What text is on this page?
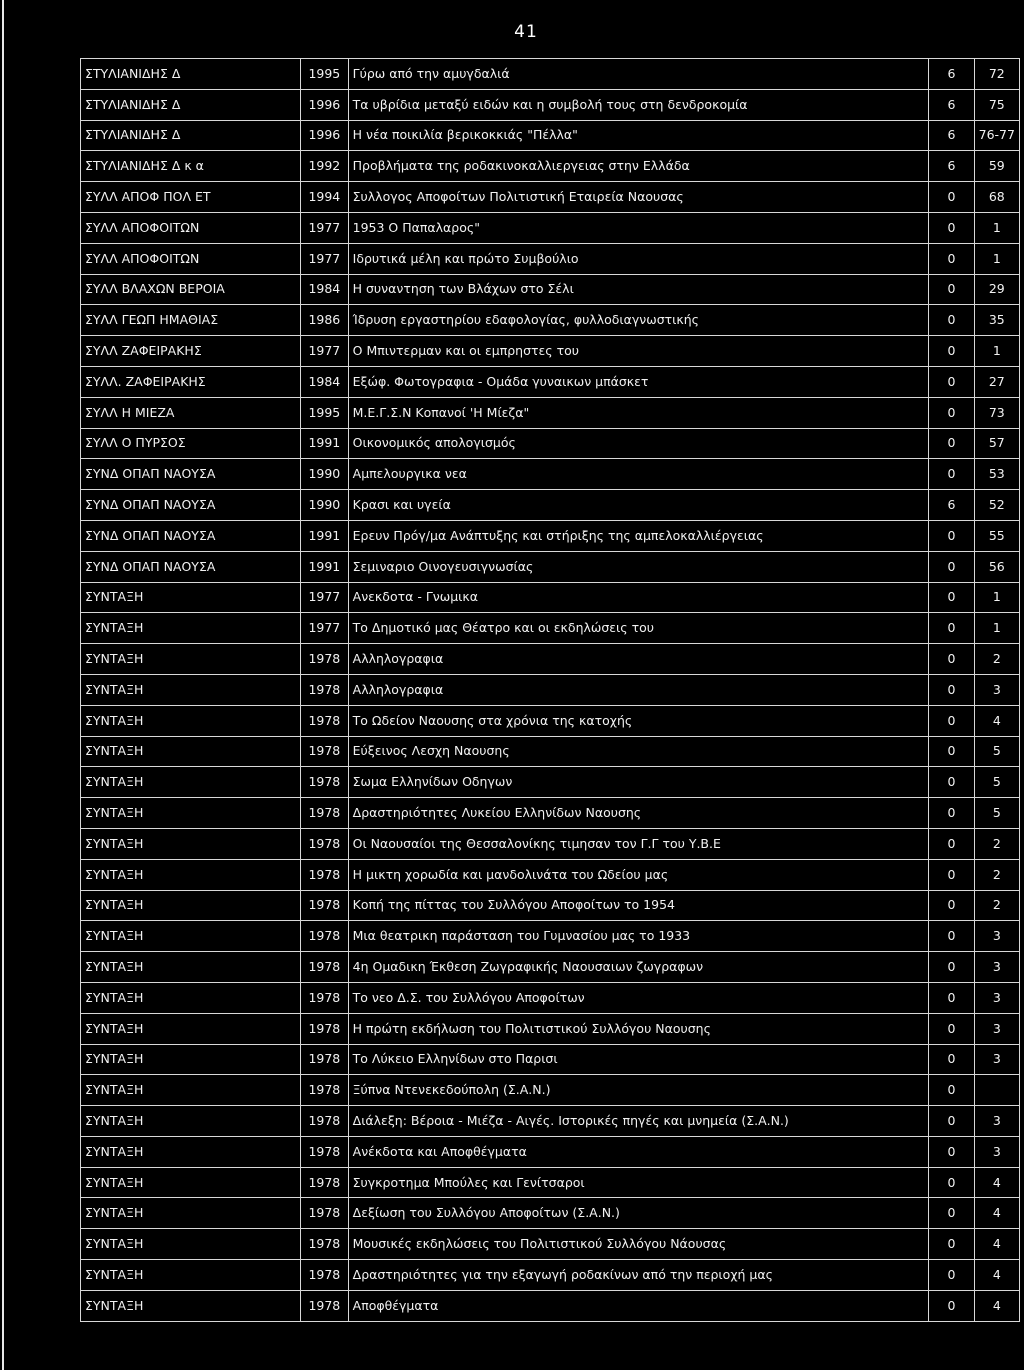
41
ΣΤΥΛΙΑΝΙΔΗΣ Δ	1995	Γύρω από την αμυγδαλιά	6	72
ΣΤΥΛΙΑΝΙΔΗΣ Δ	1996	Τα υβρίδια μεταξύ ειδών και η συμβολή τους στη δενδροκομία	6	75
ΣΤΥΛΙΑΝΙΔΗΣ Δ	1996	Η νέα ποικιλία βερικοκκιάς "Πέλλα"	6	76-77
ΣΤΥΛΙΑΝΙΔΗΣ Δ κ α	1992	Προβλήματα της ροδακινοκαλλιεργειας στην Ελλάδα	6	59
ΣΥΛΛ ΑΠΟΦ ΠΟΛ ΕΤ	1994	Συλλογος Αποφοίτων Πολιτιστική Εταιρεία Ναουσας	0	68
ΣΥΛΛ ΑΠΟΦΟΙΤΩΝ	1977	1953 Ο Παπαλαρος"	0	1
ΣΥΛΛ ΑΠΟΦΟΙΤΩΝ	1977	Ιδρυτικά μέλη και πρώτο Συμβούλιο	0	1
ΣΥΛΛ ΒΛΑΧΩΝ ΒΕΡΟΙΑ	1984	Η συναντηση των Βλάχων στο Σέλι	0	29
ΣΥΛΛ ΓΕΩΠ ΗΜΑΘΙΑΣ	1986	Ίδρυση εργαστηρίου εδαφολογίας, φυλλοδιαγνωστικής	0	35
ΣΥΛΛ ΖΑΦΕΙΡΑΚΗΣ	1977	Ο Μπιντερμαν και οι εμπρηστες του	0	1
ΣΥΛΛ. ΖΑΦΕΙΡΑΚΗΣ	1984	Εξώφ. Φωτογραφια - Ομάδα γυναικων μπάσκετ	0	27
ΣΥΛΛ Η ΜΙΕΖΑ	1995	Μ.Ε.Γ.Σ.Ν Κοπανοί 'Η Μίεζα"	0	73
ΣΥΛΛ Ο ΠΥΡΣΟΣ	1991	Οικονομικός απολογισμός	0	57
ΣΥΝΔ ΟΠΑΠ ΝΑΟΥΣΑ	1990	Αμπελουργικα νεα	0	53
ΣΥΝΔ ΟΠΑΠ ΝΑΟΥΣΑ	1990	Κρασι και υγεία	6	52
ΣΥΝΔ ΟΠΑΠ ΝΑΟΥΣΑ	1991	Ερευν Πρόγ/μα Ανάπτυξης και στήριξης της αμπελοκαλλιέργειας	0	55
ΣΥΝΔ ΟΠΑΠ ΝΑΟΥΣΑ	1991	Σεμιναριο Οινογευσιγνωσίας	0	56
ΣΥΝΤΑΞΗ	1977	Ανεκδοτα - Γνωμικα	0	1
ΣΥΝΤΑΞΗ	1977	Το Δημοτικό μας Θέατρο και οι εκδηλώσεις του	0	1
ΣΥΝΤΑΞΗ	1978	Αλληλογραφια	0	2
ΣΥΝΤΑΞΗ	1978	Αλληλογραφια	0	3
ΣΥΝΤΑΞΗ	1978	Το Ωδείον Ναουσης στα χρόνια της κατοχής	0	4
ΣΥΝΤΑΞΗ	1978	Εύξεινος Λεσχη Ναουσης	0	5
ΣΥΝΤΑΞΗ	1978	Σωμα Ελληνίδων Οδηγων	0	5
ΣΥΝΤΑΞΗ	1978	Δραστηριότητες Λυκείου Ελληνίδων Ναουσης	0	5
ΣΥΝΤΑΞΗ	1978	Οι Ναουσαίοι της Θεσσαλονίκης τιμησαν τον Γ.Γ του Υ.Β.Ε	0	2
ΣΥΝΤΑΞΗ	1978	Η μικτη χορωδία και μανδολινάτα του Ωδείου μας	0	2
ΣΥΝΤΑΞΗ	1978	Κοπή της πίττας του Συλλόγου Αποφοίτων το 1954	0	2
ΣΥΝΤΑΞΗ	1978	Μια θεατρικη παράσταση του Γυμνασίου μας το 1933	0	3
ΣΥΝΤΑΞΗ	1978	4η Ομαδικη Έκθεση Ζωγραφικής Ναουσαιων ζωγραφων	0	3
ΣΥΝΤΑΞΗ	1978	Το νεο Δ.Σ. του Συλλόγου Αποφοίτων	0	3
ΣΥΝΤΑΞΗ	1978	Η πρώτη εκδήλωση του Πολιτιστικού Συλλόγου Ναουσης	0	3
ΣΥΝΤΑΞΗ	1978	Το Λύκειο Ελληνίδων στο Παρισι	0	3
ΣΥΝΤΑΞΗ	1978	Ξύπνα Ντενεκεδούπολη (Σ.Α.Ν.)	0	
ΣΥΝΤΑΞΗ	1978	Διάλεξη: Βέροια - Μιέζα - Αιγές. Ιστορικές πηγές και μνημεία (Σ.Α.Ν.)	0	3
ΣΥΝΤΑΞΗ	1978	Ανέκδοτα και Αποφθέγματα	0	3
ΣΥΝΤΑΞΗ	1978	Συγκροτημα Μπούλες και Γενίτσαροι	0	4
ΣΥΝΤΑΞΗ	1978	Δεξίωση του Συλλόγου Αποφοίτων (Σ.Α.Ν.)	0	4
ΣΥΝΤΑΞΗ	1978	Μουσικές εκδηλώσεις του Πολιτιστικού Συλλόγου Νάουσας	0	4
ΣΥΝΤΑΞΗ	1978	Δραστηριότητες για την εξαγωγή ροδακίνων από την περιοχή μας	0	4
ΣΥΝΤΑΞΗ	1978	Αποφθέγματα	0	4
